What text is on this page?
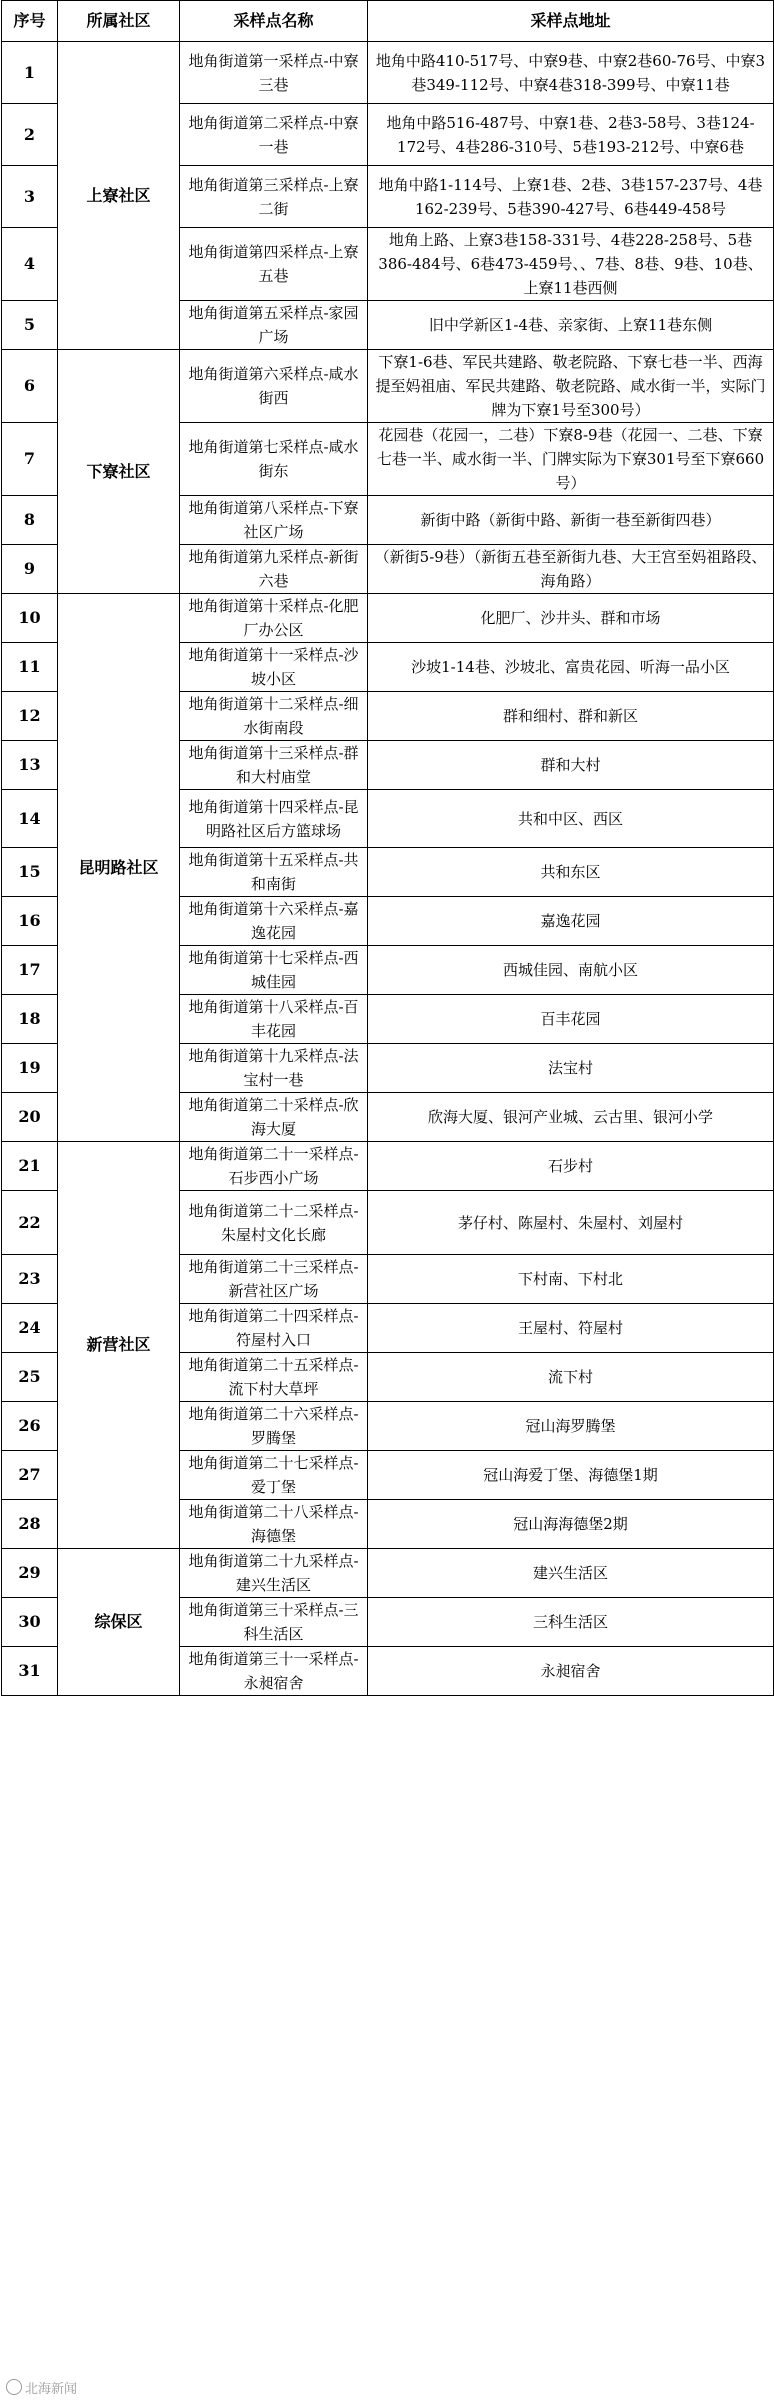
序号	所属社区	采样点名称	采样点地址
1	上寮社区	地角街道第一采样点-中寮三巷	地角中路410-517号、中寮9巷、中寮2巷60-76号、中寮3巷349-112号、中寮4巷318-399号、中寮11巷
2		地角街道第二采样点-中寮一巷	地角中路516-487号、中寮1巷、2巷3-58号、3巷124-172号、4巷286-310号、5巷193-212号、中寮6巷
3		地角街道第三采样点-上寮二街	地角中路1-114号、上寮1巷、2巷、3巷157-237号、4巷162-239号、5巷390-427号、6巷449-458号
4		地角街道第四采样点-上寮五巷	地角上路、上寮3巷158-331号、4巷228-258号、5巷386-484号、6巷473-459号、、7巷、8巷、9巷、10巷、上寮11巷西侧
5		地角街道第五采样点-家园广场	旧中学新区1-4巷、亲家街、上寮11巷东侧
6	下寮社区	地角街道第六采样点-咸水街西	下寮1-6巷、军民共建路、敬老院路、下寮七巷一半、西海提至妈祖庙、军民共建路、敬老院路、咸水街一半，实际门牌为下寮1号至300号）
7		地角街道第七采样点-咸水街东	花园巷（花园一，二巷）下寮8-9巷（花园一、二巷、下寮七巷一半、咸水街一半、门牌实际为下寮301号至下寮660号）
8		地角街道第八采样点-下寮社区广场	新街中路（新街中路、新街一巷至新街四巷）
9		地角街道第九采样点-新街六巷	（新街5-9巷）（新街五巷至新街九巷、大王宫至妈祖路段、海角路）
10	昆明路社区	地角街道第十采样点-化肥厂办公区	化肥厂、沙井头、群和市场
11		地角街道第十一采样点-沙坡小区	沙坡1-14巷、沙坡北、富贵花园、听海一品小区
12		地角街道第十二采样点-细水街南段	群和细村、群和新区
13		地角街道第十三采样点-群和大村庙堂	群和大村
14		地角街道第十四采样点-昆明路社区后方篮球场	共和中区、西区
15		地角街道第十五采样点-共和南街	共和东区
16		地角街道第十六采样点-嘉逸花园	嘉逸花园
17		地角街道第十七采样点-西城佳园	西城佳园、南航小区
18		地角街道第十八采样点-百丰花园	百丰花园
19		地角街道第十九采样点-法宝村一巷	法宝村
20		地角街道第二十采样点-欣海大厦	欣海大厦、银河产业城、云古里、银河小学
21	新营社区	地角街道第二十一采样点-石步西小广场	石步村
22		地角街道第二十二采样点-朱屋村文化长廊	茅仔村、陈屋村、朱屋村、刘屋村
23		地角街道第二十三采样点-新营社区广场	下村南、下村北
24		地角街道第二十四采样点-符屋村入口	王屋村、符屋村
25		地角街道第二十五采样点-流下村大草坪	流下村
26		地角街道第二十六采样点-罗腾堡	冠山海罗腾堡
27		地角街道第二十七采样点-爱丁堡	冠山海爱丁堡、海德堡1期
28		地角街道第二十八采样点-海德堡	冠山海海德堡2期
29	综保区	地角街道第二十九采样点-建兴生活区	建兴生活区
30		地角街道第三十采样点-三科生活区	三科生活区
31		地角街道第三十一采样点-永昶宿舍	永昶宿舍
北海新闻
